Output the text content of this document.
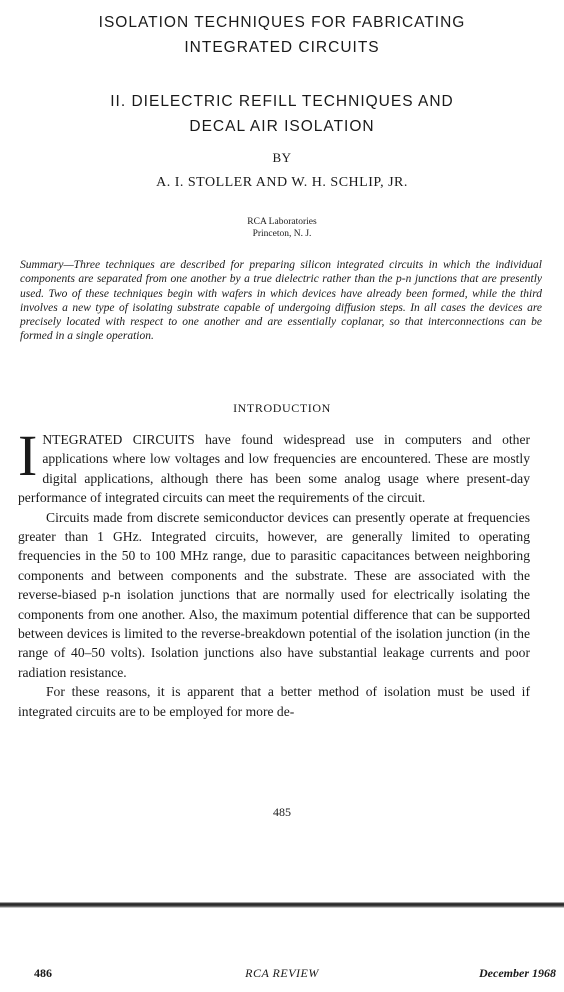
ISOLATION TECHNIQUES FOR FABRICATING
INTEGRATED CIRCUITS
II. DIELECTRIC REFILL TECHNIQUES AND
DECAL AIR ISOLATION
BY
A. I. STOLLER AND W. H. SCHLIP, JR.
RCA Laboratories
Princeton, N. J.
Summary—Three techniques are described for preparing silicon integrated circuits in which the individual components are separated from one another by a true dielectric rather than the p-n junctions that are presently used. Two of these techniques begin with wafers in which devices have already been formed, while the third involves a new type of isolating substrate capable of undergoing diffusion steps. In all cases the devices are precisely located with respect to one another and are essentially coplanar, so that interconnections can be formed in a single operation.
INTRODUCTION

INTEGRATED CIRCUITS have found widespread use in computers and other applications where low voltages and low frequencies are encountered. These are mostly digital applications, although there has been some analog usage where present-day performance of integrated circuits can meet the requirements of the circuit.

Circuits made from discrete semiconductor devices can presently operate at frequencies greater than 1 GHz. Integrated circuits, however, are generally limited to operating frequencies in the 50 to 100 MHz range, due to parasitic capacitances between neighboring components and between components and the substrate. These are associated with the reverse-biased p-n isolation junctions that are normally used for electrically isolating the components from one another. Also, the maximum potential difference that can be supported between devices is limited to the reverse-breakdown potential of the isolation junction (in the range of 40–50 volts). Isolation junctions also have substantial leakage currents and poor radiation resistance.

For these reasons, it is apparent that a better method of isolation must be used if integrated circuits are to be employed for more de-

485
486	RCA REVIEW	December 1968
